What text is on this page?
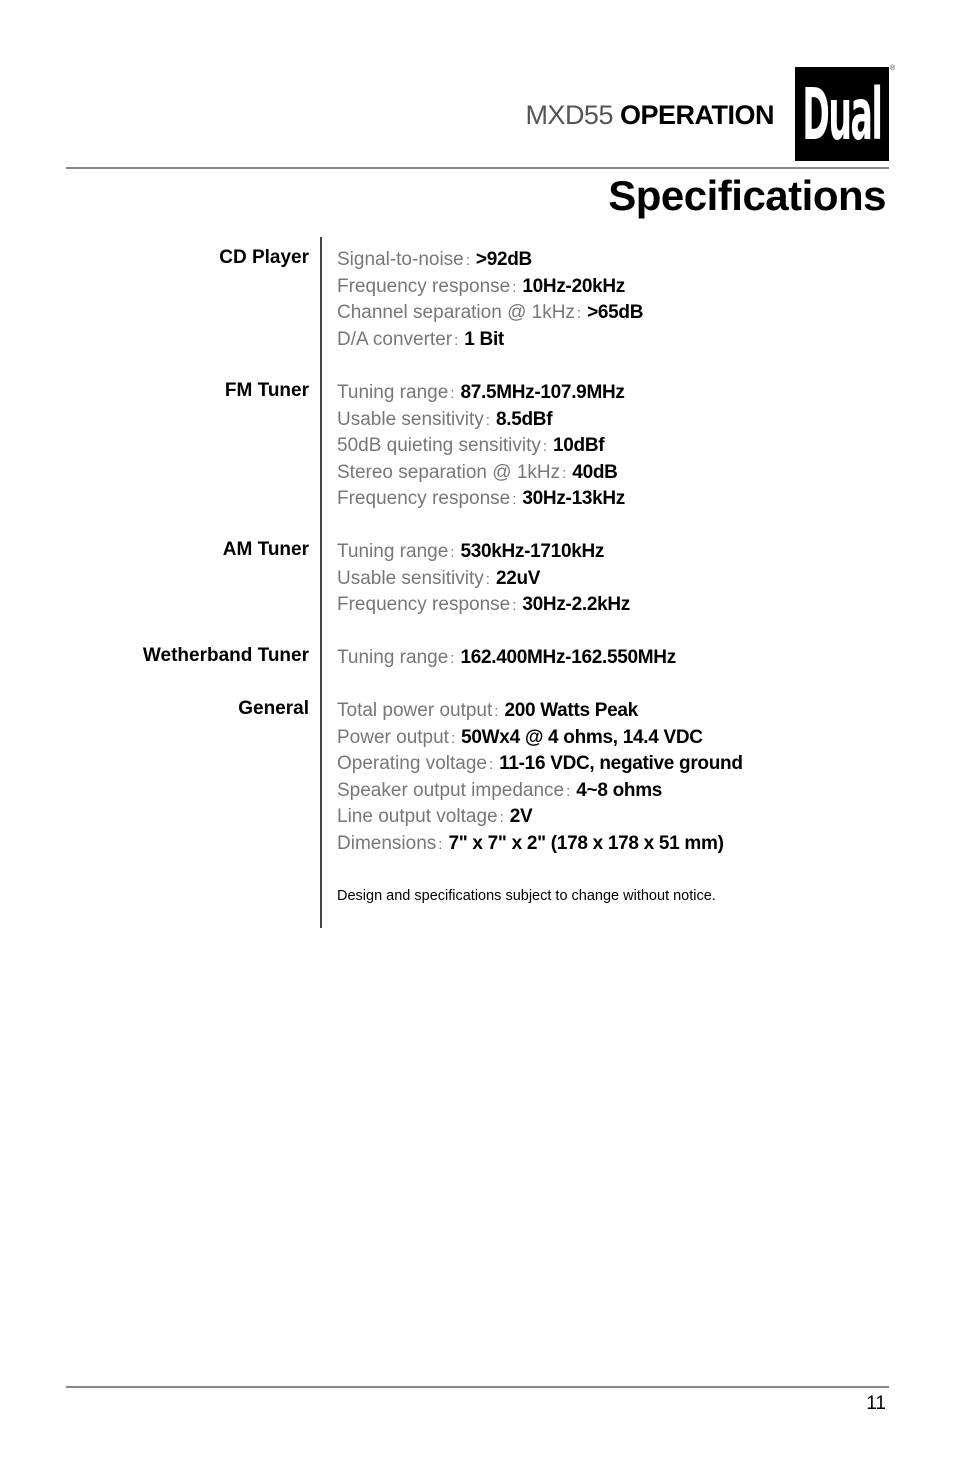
MXD55 OPERATION Dual
®
Specifications
CD Player Signal-to-noise : >92dB
Frequency response : 10Hz-20kHz
Channel separation @ 1kHz : >65dB
D/A converter : 1 Bit
FM Tuner Tuning range : 87.5MHz-107.9MHz
Usable sensitivity : 8.5dBf
50dB quieting sensitivity : 10dBf
Stereo separation @ 1kHz : 40dB
Frequency response : 30Hz-13kHz
AM Tuner Tuning range : 530kHz-1710kHz
Usable sensitivity : 22uV
Frequency response : 30Hz-2.2kHz
Wetherband Tuner Tuning range : 162.400MHz-162.550MHz
General Total power output : 200 Watts Peak
Power output : 50Wx4 @ 4 ohms, 14.4 VDC
Operating voltage : 11-16 VDC, negative ground
Speaker output impedance : 4~8 ohms
Line output voltage : 2V
Dimensions : 7" x 7" x 2" (178 x 178 x 51 mm)
Design and specifications subject to change without notice.
11
